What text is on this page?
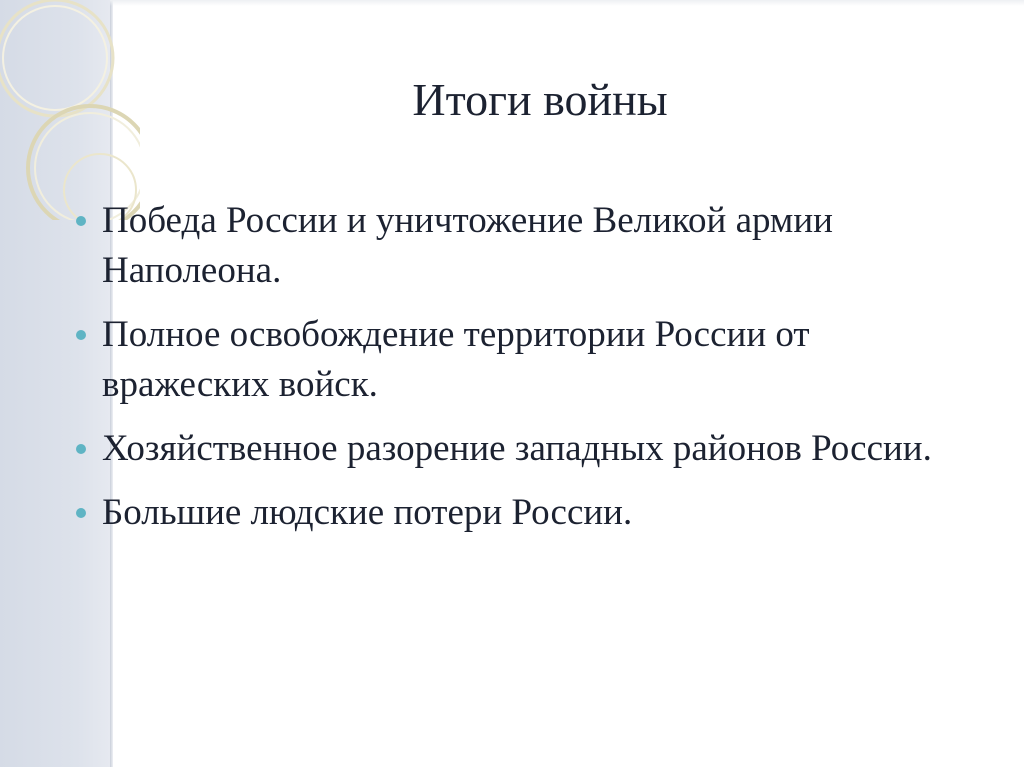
Итоги войны
Победа России и уничтожение Великой армии Наполеона.
Полное освобождение территории России от вражеских войск.
Хозяйственное разорение западных районов России.
Большие людские потери России.
